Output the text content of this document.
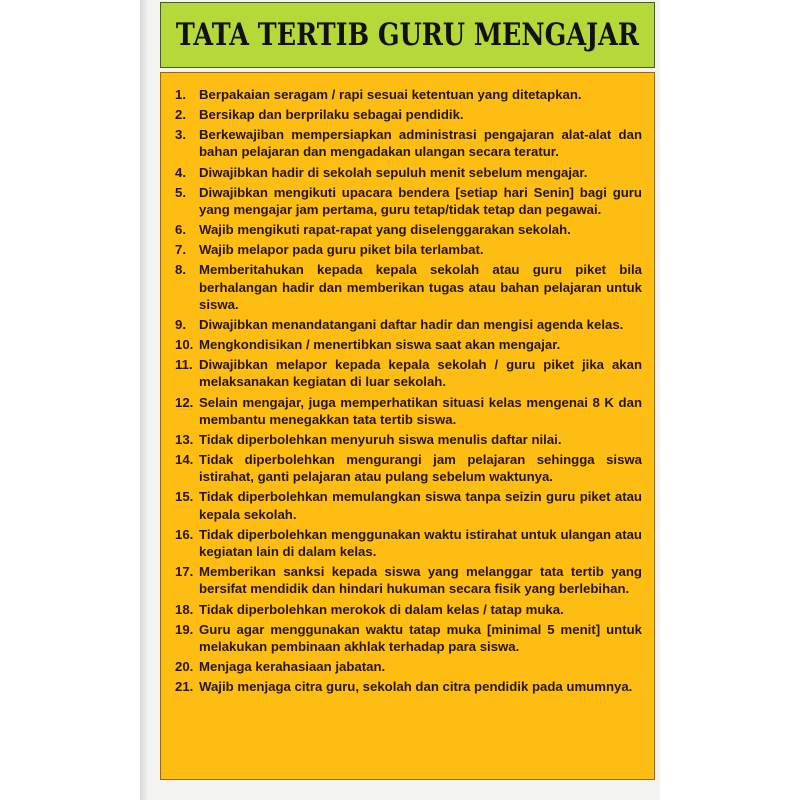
TATA TERTIB GURU MENGAJAR
1. Berpakaian seragam / rapi sesuai ketentuan yang ditetapkan.
2. Bersikap dan berprilaku sebagai pendidik.
3. Berkewajiban mempersiapkan administrasi pengajaran alat-alat dan bahan pelajaran dan mengadakan ulangan secara teratur.
4. Diwajibkan hadir di sekolah sepuluh menit sebelum mengajar.
5. Diwajibkan mengikuti upacara bendera [setiap hari Senin] bagi guru yang mengajar jam pertama, guru tetap/tidak tetap dan pegawai.
6. Wajib mengikuti rapat-rapat yang diselenggarakan sekolah.
7. Wajib melapor pada guru piket bila terlambat.
8. Memberitahukan kepada kepala sekolah atau guru piket bila berhalangan hadir dan memberikan tugas atau bahan pelajaran untuk siswa.
9. Diwajibkan menandatangani daftar hadir dan mengisi agenda kelas.
10. Mengkondisikan / menertibkan siswa saat akan mengajar.
11. Diwajibkan melapor kepada kepala sekolah / guru piket jika akan melaksanakan kegiatan di luar sekolah.
12. Selain mengajar, juga memperhatikan situasi kelas mengenai 8 K dan membantu menegakkan tata tertib siswa.
13. Tidak diperbolehkan menyuruh siswa menulis daftar nilai.
14. Tidak diperbolehkan mengurangi jam pelajaran sehingga siswa istirahat, ganti pelajaran atau pulang sebelum waktunya.
15. Tidak diperbolehkan memulangkan siswa tanpa seizin guru piket atau kepala sekolah.
16. Tidak diperbolehkan menggunakan waktu istirahat untuk ulangan atau kegiatan lain di dalam kelas.
17. Memberikan sanksi kepada siswa yang melanggar tata tertib yang bersifat mendidik dan hindari hukuman secara fisik yang berlebihan.
18. Tidak diperbolehkan merokok di dalam kelas / tatap muka.
19. Guru agar menggunakan waktu tatap muka [minimal 5 menit] untuk melakukan pembinaan akhlak terhadap para siswa.
20. Menjaga kerahasiaan jabatan.
21. Wajib menjaga citra guru, sekolah dan citra pendidik pada umumnya.
